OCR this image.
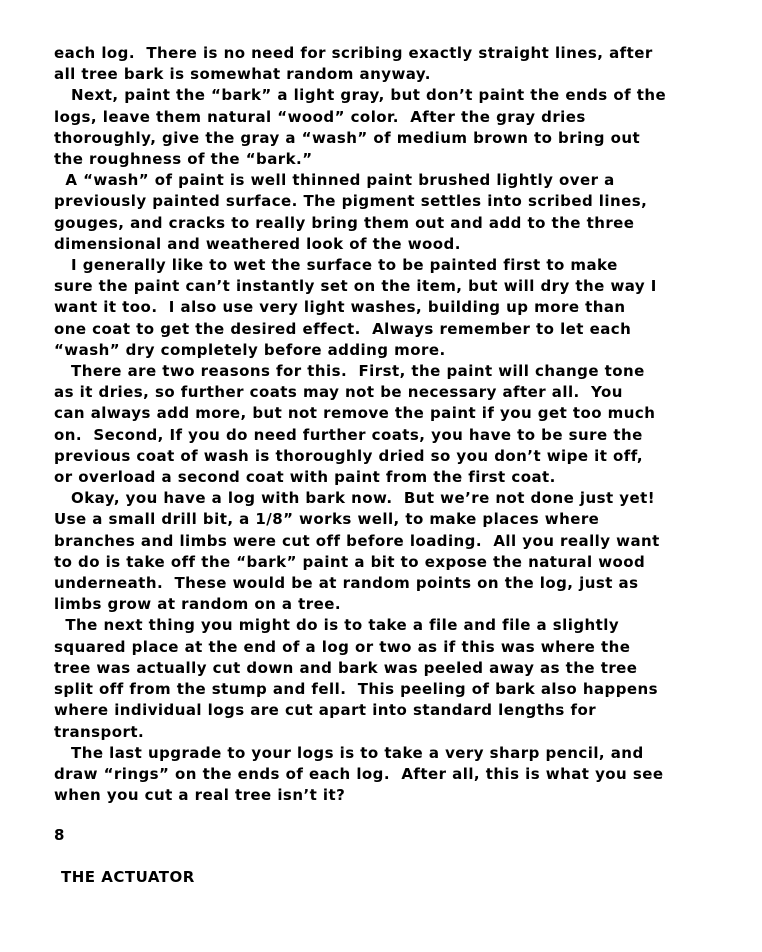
each log.  There is no need for scribing exactly straight lines, after
all tree bark is somewhat random anyway.
Next, paint the “bark” a light gray, but don’t paint the ends of the
logs, leave them natural “wood” color.  After the gray dries
thoroughly, give the gray a “wash” of medium brown to bring out
the roughness of the “bark.”
A “wash” of paint is well thinned paint brushed lightly over a
previously painted surface. The pigment settles into scribed lines,
gouges, and cracks to really bring them out and add to the three
dimensional and weathered look of the wood.
I generally like to wet the surface to be painted first to make
sure the paint can’t instantly set on the item, but will dry the way I
want it too.  I also use very light washes, building up more than
one coat to get the desired effect.  Always remember to let each
“wash” dry completely before adding more.
There are two reasons for this.  First, the paint will change tone
as it dries, so further coats may not be necessary after all.  You
can always add more, but not remove the paint if you get too much
on.  Second, If you do need further coats, you have to be sure the
previous coat of wash is thoroughly dried so you don’t wipe it off,
or overload a second coat with paint from the first coat.
Okay, you have a log with bark now.  But we’re not done just yet!
Use a small drill bit, a 1/8” works well, to make places where
branches and limbs were cut off before loading.  All you really want
to do is take off the “bark” paint a bit to expose the natural wood
underneath.  These would be at random points on the log, just as
limbs grow at random on a tree.
The next thing you might do is to take a file and file a slightly
squared place at the end of a log or two as if this was where the
tree was actually cut down and bark was peeled away as the tree
split off from the stump and fell.  This peeling of bark also happens
where individual logs are cut apart into standard lengths for
transport.
The last upgrade to your logs is to take a very sharp pencil, and
draw “rings” on the ends of each log.  After all, this is what you see
when you cut a real tree isn’t it?
8
THE ACTUATOR
